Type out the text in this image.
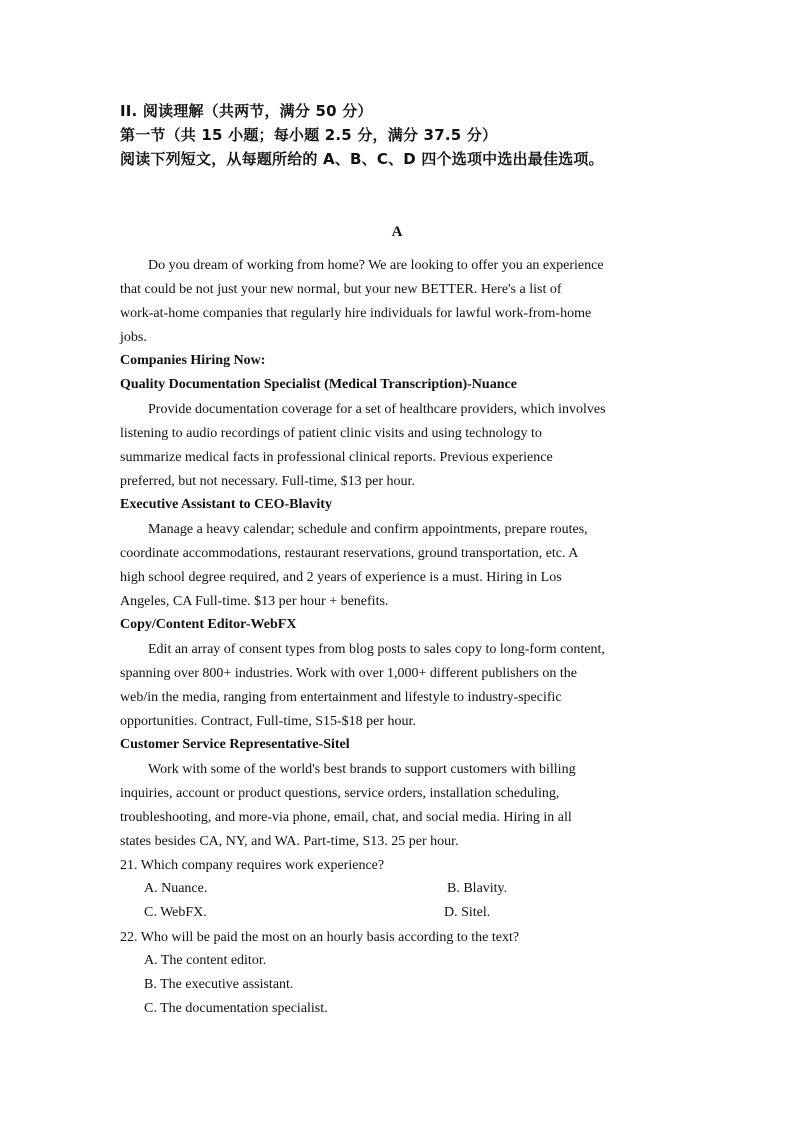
II. 阅读理解（共两节，满分 50 分）
第一节（共 15 小题；每小题 2.5 分，满分 37.5 分）
阅读下列短文，从每题所给的 A、B、C、D 四个选项中选出最佳选项。
A
Do you dream of working from home? We are looking to offer you an experience
that could be not just your new normal, but your new BETTER. Here's a list of
work-at-home companies that regularly hire individuals for lawful work-from-home
jobs.
Companies Hiring Now:
Quality Documentation Specialist (Medical Transcription)-Nuance
Provide documentation coverage for a set of healthcare providers, which involves
listening to audio recordings of patient clinic visits and using technology to
summarize medical facts in professional clinical reports. Previous experience
preferred, but not necessary. Full-time, $13 per hour.
Executive Assistant to CEO-Blavity
Manage a heavy calendar; schedule and confirm appointments, prepare routes,
coordinate accommodations, restaurant reservations, ground transportation, etc. A
high school degree required, and 2 years of experience is a must. Hiring in Los
Angeles, CA Full-time. $13 per hour + benefits.
Copy/Content Editor-WebFX
Edit an array of consent types from blog posts to sales copy to long-form content,
spanning over 800+ industries. Work with over 1,000+ different publishers on the
web/in the media, ranging from entertainment and lifestyle to industry-specific
opportunities. Contract, Full-time, S15-$18 per hour.
Customer Service Representative-Sitel
Work with some of the world's best brands to support customers with billing
inquiries, account or product questions, service orders, installation scheduling,
troubleshooting, and more-via phone, email, chat, and social media. Hiring in all
states besides CA, NY, and WA. Part-time, S13. 25 per hour.
21. Which company requires work experience?
A. Nuance.	B. Blavity.
C. WebFX.	D. Sitel.
22. Who will be paid the most on an hourly basis according to the text?
A. The content editor.
B. The executive assistant.
C. The documentation specialist.
